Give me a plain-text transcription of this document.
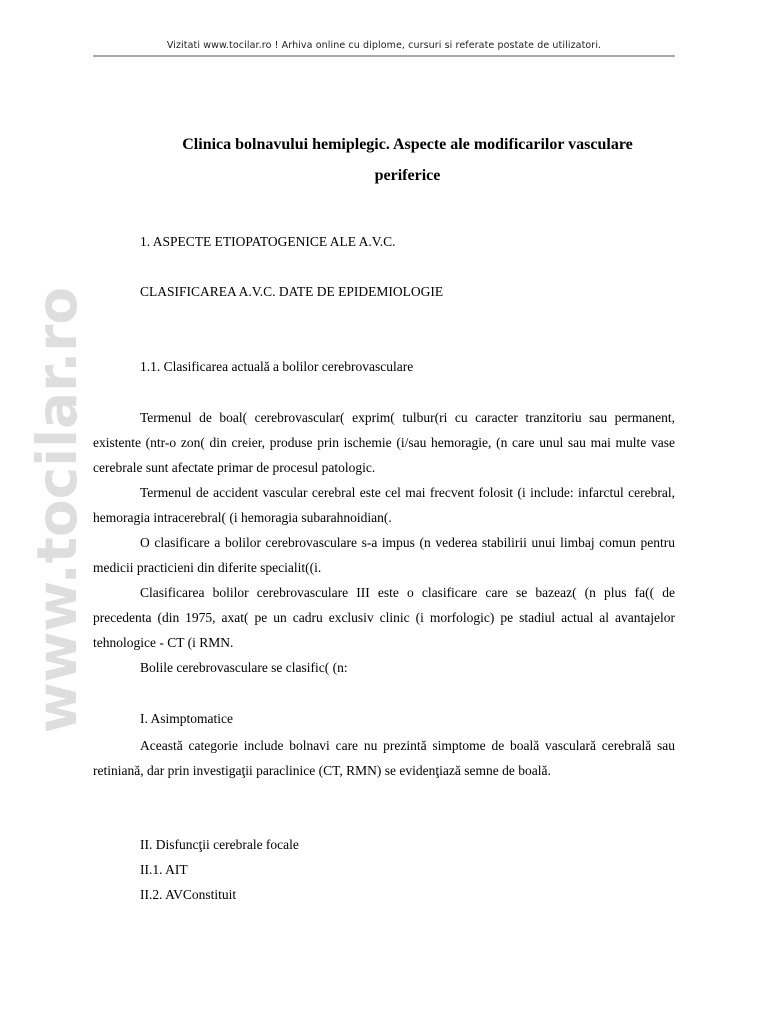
Vizitati www.tocilar.ro ! Arhiva online cu diplome, cursuri si referate postate de utilizatori.
www.tocilar.ro
Clinica bolnavului hemiplegic. Aspecte ale modificarilor vasculare
periferice
1. ASPECTE ETIOPATOGENICE ALE A.V.C.
CLASIFICAREA A.V.C. DATE DE EPIDEMIOLOGIE
1.1. Clasificarea actuală a bolilor cerebrovasculare
Termenul de boal( cerebrovascular( exprim( tulbur(ri cu caracter tranzitoriu sau permanent, existente (ntr-o zon( din creier, produse prin ischemie (i/sau hemoragie, (n care unul sau mai multe vase cerebrale sunt afectate primar de procesul patologic.
Termenul de accident vascular cerebral este cel mai frecvent folosit (i include: infarctul cerebral, hemoragia intracerebral( (i hemoragia subarahnoidian(.
O clasificare a bolilor cerebrovasculare s-a impus (n vederea stabilirii unui limbaj comun pentru medicii practicieni din diferite specialit((i.
Clasificarea bolilor cerebrovasculare III este o clasificare care se bazeaz( (n plus fa(( de precedenta (din 1975, axat( pe un cadru exclusiv clinic (i morfologic) pe stadiul actual al avantajelor tehnologice - CT (i RMN.
Bolile cerebrovasculare se clasific( (n:
I. Asimptomatice
Această categorie include bolnavi care nu prezintă simptome de boală vasculară cerebrală sau retiniană, dar prin investigaţii paraclinice (CT, RMN) se evidenţiază semne de boală.
II. Disfuncţii cerebrale focale
II.1. AIT
II.2. AVConstituit
